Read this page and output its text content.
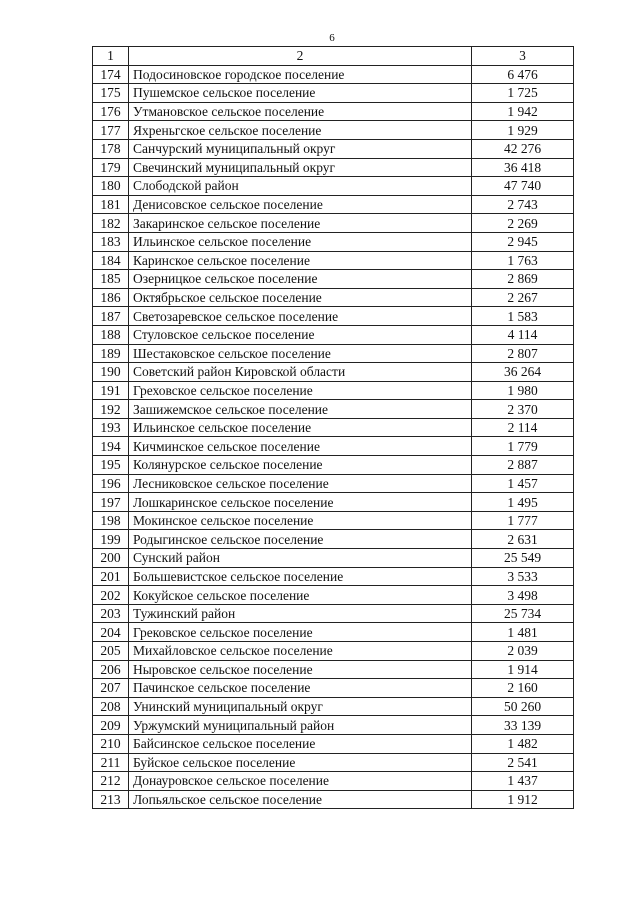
6
1	2	3
174	Подосиновское городское поселение	6 476
175	Пушемское сельское поселение	1 725
176	Утмановское сельское поселение	1 942
177	Яхреньгское сельское поселение	1 929
178	Санчурский муниципальный округ	42 276
179	Свечинский муниципальный округ	36 418
180	Слободской район	47 740
181	Денисовское сельское поселение	2 743
182	Закаринское сельское поселение	2 269
183	Ильинское сельское поселение	2 945
184	Каринское сельское поселение	1 763
185	Озерницкое сельское поселение	2 869
186	Октябрьское сельское поселение	2 267
187	Светозаревское сельское поселение	1 583
188	Стуловское сельское поселение	4 114
189	Шестаковское сельское поселение	2 807
190	Советский район Кировской области	36 264
191	Греховское сельское поселение	1 980
192	Зашижемское сельское поселение	2 370
193	Ильинское сельское поселение	2 114
194	Кичминское сельское поселение	1 779
195	Колянурское сельское поселение	2 887
196	Лесниковское сельское поселение	1 457
197	Лошкаринское сельское поселение	1 495
198	Мокинское сельское поселение	1 777
199	Родыгинское сельское поселение	2 631
200	Сунский район	25 549
201	Большевистское сельское поселение	3 533
202	Кокуйское сельское поселение	3 498
203	Тужинский район	25 734
204	Грековское сельское поселение	1 481
205	Михайловское сельское поселение	2 039
206	Ныровское сельское поселение	1 914
207	Пачинское сельское поселение	2 160
208	Унинский муниципальный округ	50 260
209	Уржумский муниципальный район	33 139
210	Байсинское сельское поселение	1 482
211	Буйское сельское поселение	2 541
212	Донауровское сельское поселение	1 437
213	Лопьяльское сельское поселение	1 912
